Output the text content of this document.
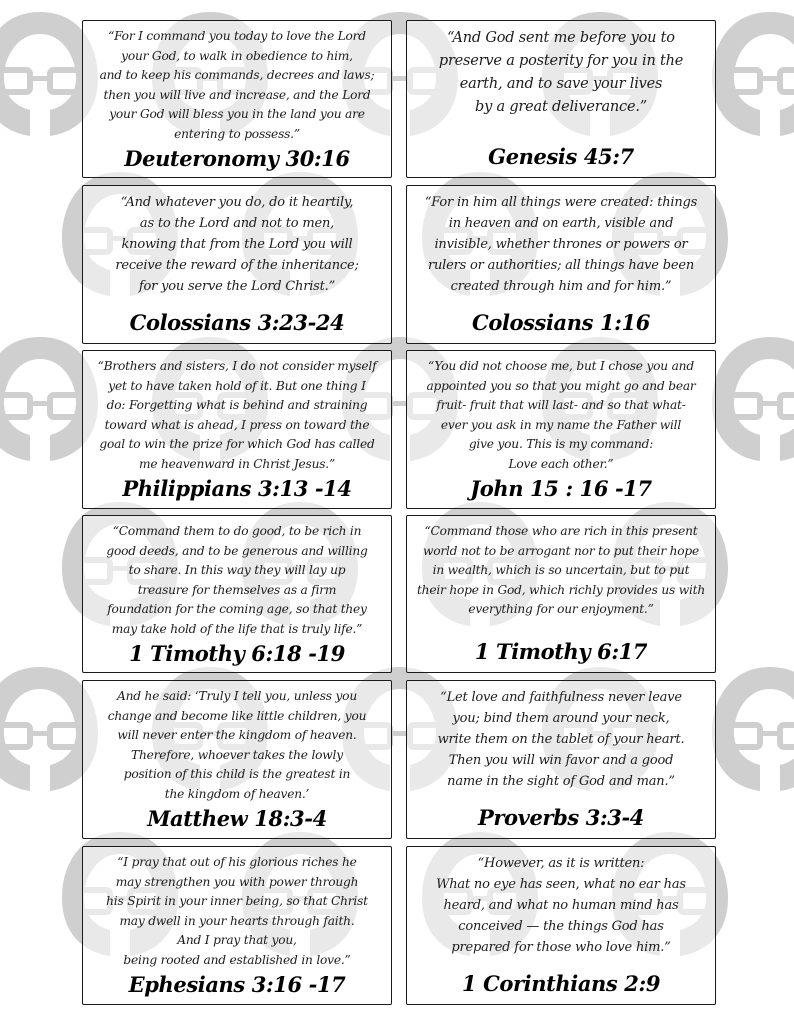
“For I command you today to love the Lord
your God, to walk in obedience to him,
and to keep his commands, decrees and laws;
then you will live and increase, and the Lord
your God will bless you in the land you are
entering to possess.”

Deuteronomy 30:16

“And God sent me before you to
preserve a posterity for you in the
earth, and to save your lives
by a great deliverance.”

Genesis 45:7

“And whatever you do, do it heartily,
as to the Lord and not to men,
knowing that from the Lord you will
receive the reward of the inheritance;
for you serve the Lord Christ.”

Colossians 3:23-24

“For in him all things were created: things
in heaven and on earth, visible and
invisible, whether thrones or powers or
rulers or authorities; all things have been
created through him and for him.”

Colossians 1:16

“Brothers and sisters, I do not consider myself
yet to have taken hold of it. But one thing I
do: Forgetting what is behind and straining
toward what is ahead, I press on toward the
goal to win the prize for which God has called
me heavenward in Christ Jesus.”

Philippians 3:13 -14

“You did not choose me, but I chose you and
appointed you so that you might go and bear
fruit- fruit that will last- and so that what-
ever you ask in my name the Father will
give you. This is my command:
Love each other.”

John 15 : 16 -17

“Command them to do good, to be rich in
good deeds, and to be generous and willing
to share. In this way they will lay up
treasure for themselves as a firm
foundation for the coming age, so that they
may take hold of the life that is truly life.”

1 Timothy 6:18 -19

“Command those who are rich in this present
world not to be arrogant nor to put their hope
in wealth, which is so uncertain, but to put
their hope in God, which richly provides us with
everything for our enjoyment.”

1 Timothy 6:17

And he said: ‘Truly I tell you, unless you
change and become like little children, you
will never enter the kingdom of heaven.
Therefore, whoever takes the lowly
position of this child is the greatest in
the kingdom of heaven.’

Matthew 18:3-4

“Let love and faithfulness never leave
you; bind them around your neck,
write them on the tablet of your heart.
Then you will win favor and a good
name in the sight of God and man.”

Proverbs 3:3-4

“I pray that out of his glorious riches he
may strengthen you with power through
his Spirit in your inner being, so that Christ
may dwell in your hearts through faith.
And I pray that you,
being rooted and established in love.”

Ephesians 3:16 -17

“However, as it is written:
What no eye has seen, what no ear has
heard, and what no human mind has
conceived — the things God has
prepared for those who love him.”

1 Corinthians 2:9
